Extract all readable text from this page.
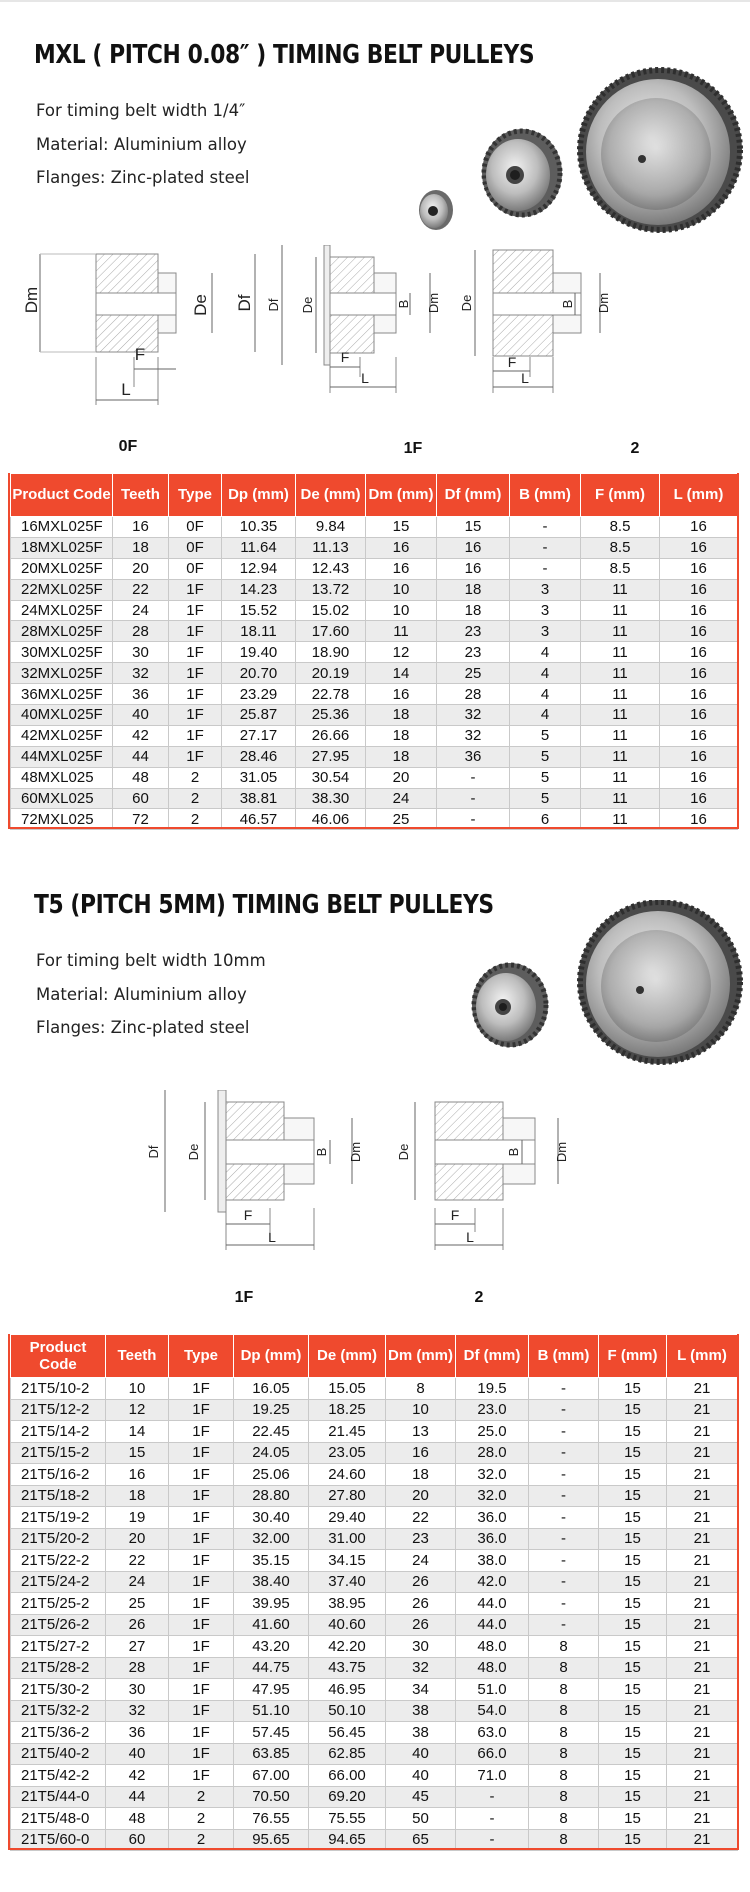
MXL ( PITCH 0.08″ ) TIMING BELT PULLEYS
For timing belt width 1/4″
Material: Aluminium alloy
Flanges: Zinc-plated steel
Dm	De Df
F
L
Df De	B Dm
F
L
De	B Dm
F
L
0F	1F	2
Product Code	Teeth	Type	Dp (mm)	De (mm)	Dm (mm)	Df (mm)	B (mm)	F (mm)	L (mm)
16MXL025F	16	0F	10.35	9.84	15	15	-	8.5	16
18MXL025F	18	0F	11.64	11.13	16	16	-	8.5	16
20MXL025F	20	0F	12.94	12.43	16	16	-	8.5	16
22MXL025F	22	1F	14.23	13.72	10	18	3	11	16
24MXL025F	24	1F	15.52	15.02	10	18	3	11	16
28MXL025F	28	1F	18.11	17.60	11	23	3	11	16
30MXL025F	30	1F	19.40	18.90	12	23	4	11	16
32MXL025F	32	1F	20.70	20.19	14	25	4	11	16
36MXL025F	36	1F	23.29	22.78	16	28	4	11	16
40MXL025F	40	1F	25.87	25.36	18	32	4	11	16
42MXL025F	42	1F	27.17	26.66	18	32	5	11	16
44MXL025F	44	1F	28.46	27.95	18	36	5	11	16
48MXL025	48	2	31.05	30.54	20	-	5	11	16
60MXL025	60	2	38.81	38.30	24	-	5	11	16
72MXL025	72	2	46.57	46.06	25	-	6	11	16
T5 (PITCH 5MM) TIMING BELT PULLEYS
For timing belt width 10mm
Material: Aluminium alloy
Flanges: Zinc-plated steel
Df De	B Dm
F
L
De	B	Dm
F
L
1F	2
Product Code	Teeth	Type	Dp (mm)	De (mm)	Dm (mm)	Df (mm)	B (mm)	F (mm)	L (mm)
21T5/10-2	10	1F	16.05	15.05	8	19.5	-	15	21
21T5/12-2	12	1F	19.25	18.25	10	23.0	-	15	21
21T5/14-2	14	1F	22.45	21.45	13	25.0	-	15	21
21T5/15-2	15	1F	24.05	23.05	16	28.0	-	15	21
21T5/16-2	16	1F	25.06	24.60	18	32.0	-	15	21
21T5/18-2	18	1F	28.80	27.80	20	32.0	-	15	21
21T5/19-2	19	1F	30.40	29.40	22	36.0	-	15	21
21T5/20-2	20	1F	32.00	31.00	23	36.0	-	15	21
21T5/22-2	22	1F	35.15	34.15	24	38.0	-	15	21
21T5/24-2	24	1F	38.40	37.40	26	42.0	-	15	21
21T5/25-2	25	1F	39.95	38.95	26	44.0	-	15	21
21T5/26-2	26	1F	41.60	40.60	26	44.0	-	15	21
21T5/27-2	27	1F	43.20	42.20	30	48.0	8	15	21
21T5/28-2	28	1F	44.75	43.75	32	48.0	8	15	21
21T5/30-2	30	1F	47.95	46.95	34	51.0	8	15	21
21T5/32-2	32	1F	51.10	50.10	38	54.0	8	15	21
21T5/36-2	36	1F	57.45	56.45	38	63.0	8	15	21
21T5/40-2	40	1F	63.85	62.85	40	66.0	8	15	21
21T5/42-2	42	1F	67.00	66.00	40	71.0	8	15	21
21T5/44-0	44	2	70.50	69.20	45	-	8	15	21
21T5/48-0	48	2	76.55	75.55	50	-	8	15	21
21T5/60-0	60	2	95.65	94.65	65	-	8	15	21
